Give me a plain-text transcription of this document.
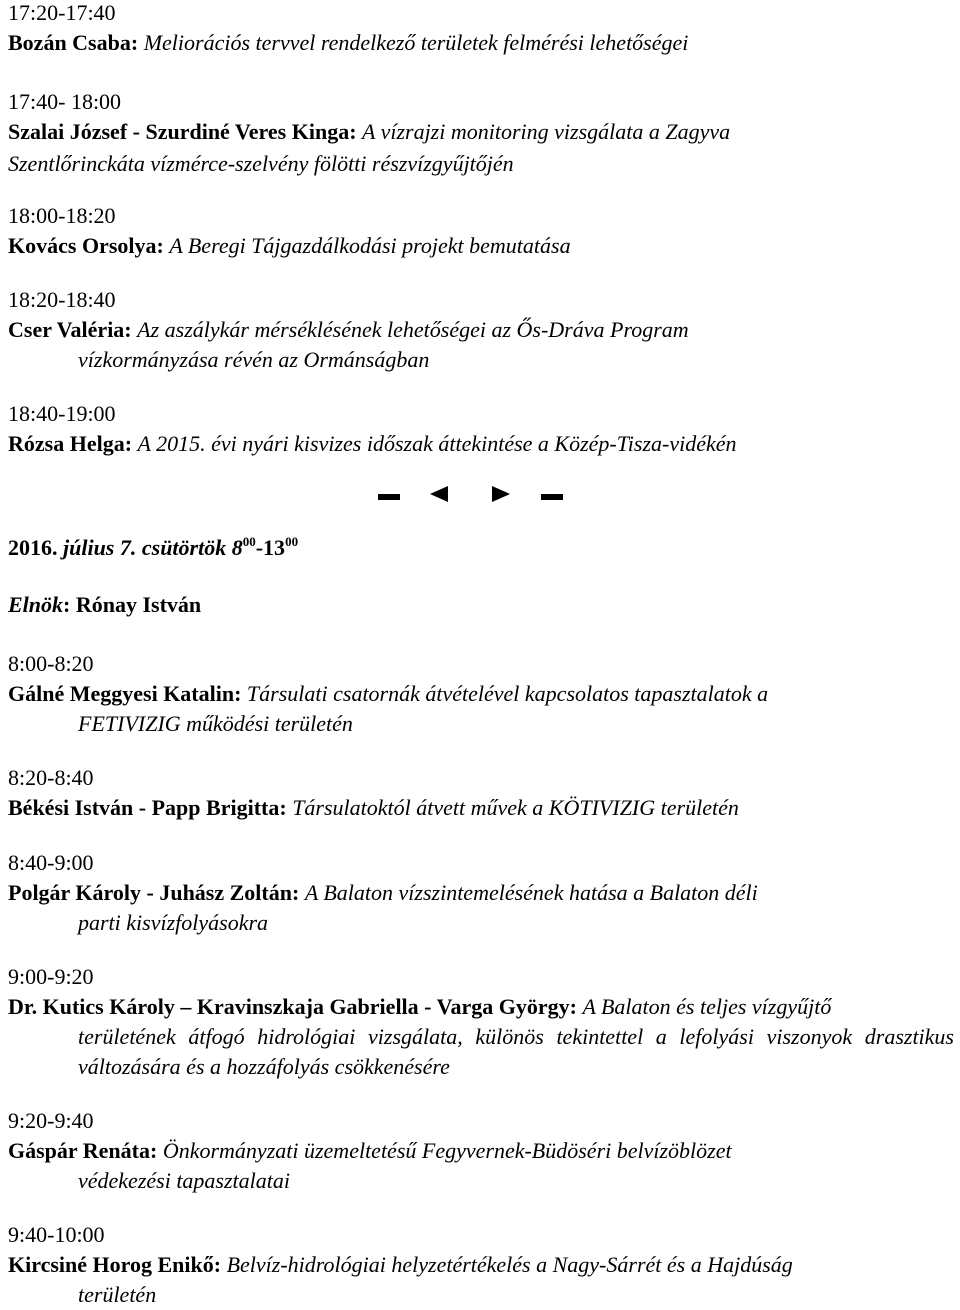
17:20-17:40
Bozán Csaba: Meliorációs tervvel rendelkező területek felmérési lehetőségei
17:40- 18:00
Szalai József - Szurdiné Veres Kinga: A vízrajzi monitoring vizsgálata a Zagyva
Szentlőrinckáta vízmérce-szelvény fölötti részvízgyűjtőjén
18:00-18:20
Kovács Orsolya: A Beregi Tájgazdálkodási projekt bemutatása
18:20-18:40
Cser Valéria: Az aszálykár mérséklésének lehetőségei az Ős-Dráva Program
vízkormányzása révén az Ormánságban
18:40-19:00
Rózsa Helga: A 2015. évi nyári kisvizes időszak áttekintése a Közép-Tisza-vidékén
2016. július 7. csütörtök $8^{00}-13^{00}$
Elnök: Rónay István
8:00-8:20
Gálné Meggyesi Katalin: Társulati csatornák átvételével kapcsolatos tapasztalatok a
FETIVIZIG működési területén
8:20-8:40
Békési István - Papp Brigitta: Társulatoktól átvett művek a KÖTIVIZIG területén
8:40-9:00
Polgár Károly - Juhász Zoltán: A Balaton vízszintemelésének hatása a Balaton déli
parti kisvízfolyásokra
9:00-9:20
Dr. Kutics Károly – Kravinszkaja Gabriella - Varga György: A Balaton és teljes vízgyűjtő
területének átfogó hidrológiai vizsgálata, különös tekintettel a lefolyási viszonyok drasztikus változására és a hozzáfolyás csökkenésére
9:20-9:40
Gáspár Renáta: Önkormányzati üzemeltetésű Fegyvernek-Büdöséri belvízöblözet
védekezési tapasztalatai
9:40-10:00
Kircsiné Horog Enikő: Belvíz-hidrológiai helyzetértékelés a Nagy-Sárrét és a Hajdúság
területén
